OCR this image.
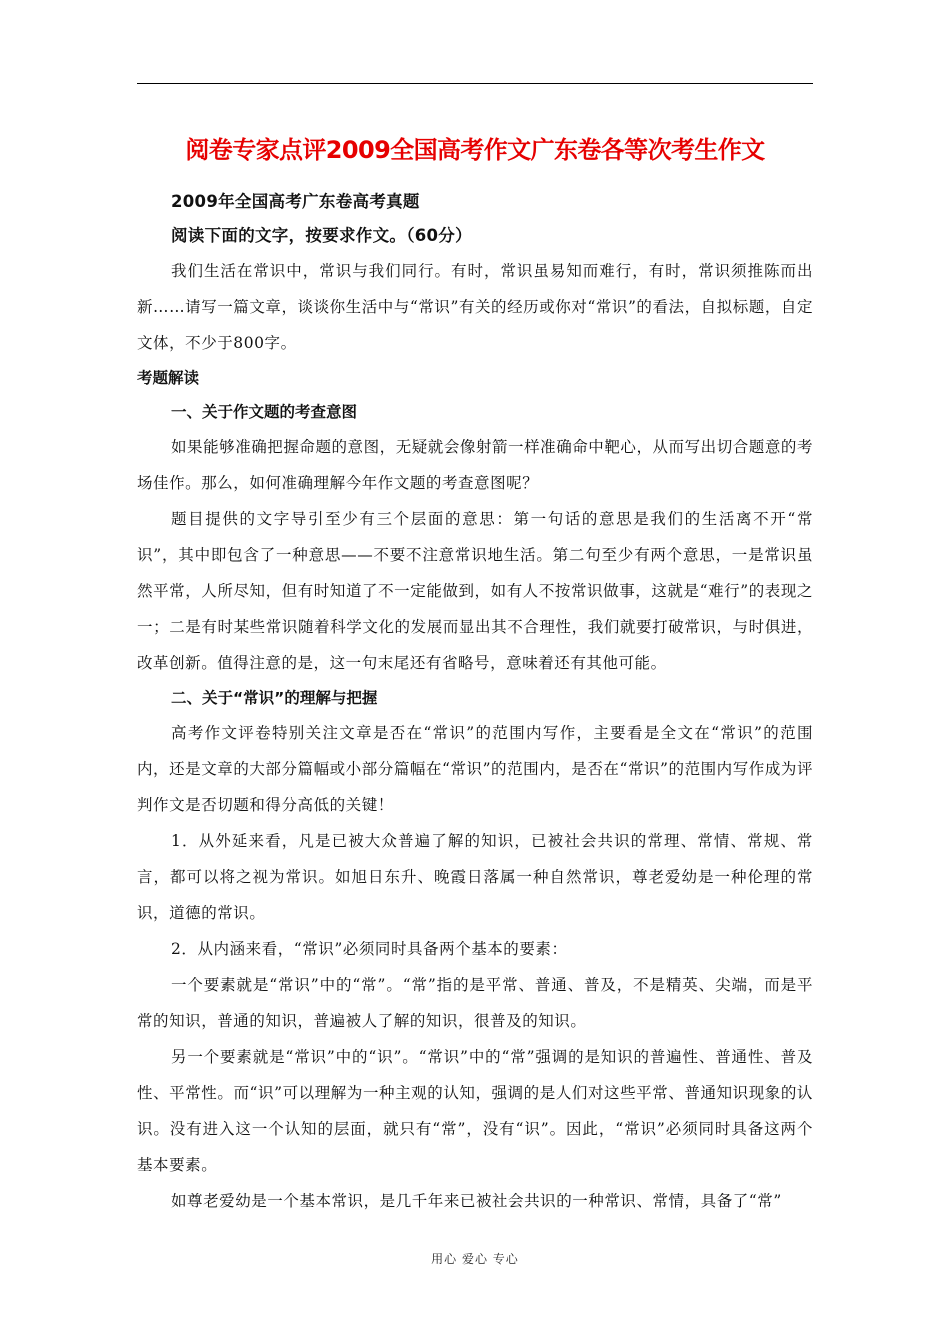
阅卷专家点评2009全国高考作文广东卷各等次考生作文
2009年全国高考广东卷高考真题
阅读下面的文字，按要求作文。（60分）

我们生活在常识中，常识与我们同行。有时，常识虽易知而难行，有时，常识须推陈而出新……请写一篇文章，谈谈你生活中与“常识”有关的经历或你对“常识”的看法，自拟标题，自定文体，不少于800字。

考题解读

一、关于作文题的考查意图

如果能够准确把握命题的意图，无疑就会像射箭一样准确命中靶心，从而写出切合题意的考场佳作。那么，如何准确理解今年作文题的考查意图呢？

题目提供的文字导引至少有三个层面的意思：第一句话的意思是我们的生活离不开“常识”，其中即包含了一种意思——不要不注意常识地生活。第二句至少有两个意思，一是常识虽然平常，人所尽知，但有时知道了不一定能做到，如有人不按常识做事，这就是“难行”的表现之一；二是有时某些常识随着科学文化的发展而显出其不合理性，我们就要打破常识，与时俱进，改革创新。值得注意的是，这一句末尾还有省略号，意味着还有其他可能。

二、关于“常识”的理解与把握

高考作文评卷特别关注文章是否在“常识”的范围内写作，主要看是全文在“常识”的范围内，还是文章的大部分篇幅或小部分篇幅在“常识”的范围内，是否在“常识”的范围内写作成为评判作文是否切题和得分高低的关键！

1．从外延来看，凡是已被大众普遍了解的知识，已被社会共识的常理、常情、常规、常言，都可以将之视为常识。如旭日东升、晚霞日落属一种自然常识，尊老爱幼是一种伦理的常识，道德的常识。

2．从内涵来看，“常识”必须同时具备两个基本的要素：

一个要素就是“常识”中的“常”。“常”指的是平常、普通、普及，不是精英、尖端，而是平常的知识，普通的知识，普遍被人了解的知识，很普及的知识。

另一个要素就是“常识”中的“识”。“常识”中的“常”强调的是知识的普遍性、普通性、普及性、平常性。而“识”可以理解为一种主观的认知，强调的是人们对这些平常、普通知识现象的认识。没有进入这一个认知的层面，就只有“常”，没有“识”。因此，“常识”必须同时具备这两个基本要素。

如尊老爱幼是一个基本常识，是几千年来已被社会共识的一种常识、常情，具备了“常”

用心 爱心 专心
